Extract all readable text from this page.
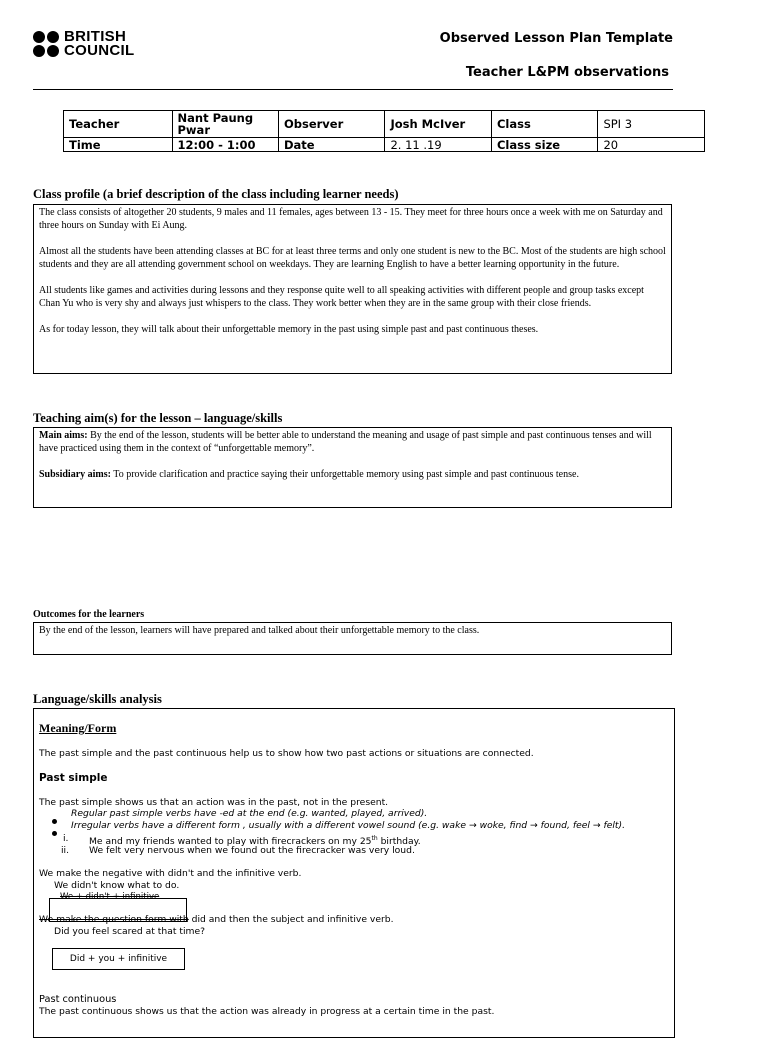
BRITISH
COUNCIL
Observed Lesson Plan Template
Teacher L&PM observations
Teacher	Nant Paung Pwar	Observer	Josh McIver	Class	SPI 3
Time	12:00 - 1:00	Date	2. 11 .19	Class size	20
Class profile (a brief description of the class including learner needs)

The class consists of altogether 20 students, 9 males and 11 females, ages between 13 - 15. They meet for three hours once a week with me on Saturday and three hours on Sunday with Ei Aung.

Almost all the students have been attending classes at BC for at least three terms and only one student is new to the BC. Most of the students are high school students and they are all attending government school on weekdays. They are learning English to have a better learning opportunity in the future.

All students like games and activities during lessons and they response quite well to all speaking activities with different people and group tasks except Chan Yu who is very shy and always just whispers to the class. They work better when they are in the same group with their close friends.

As for today lesson, they will talk about their unforgettable memory in the past using simple past and past continuous theses.

Teaching aim(s) for the lesson – language/skills

Main aims: By the end of the lesson, students will be better able to understand the meaning and usage of past simple and past continuous tenses and will have practiced using them in the context of “unforgettable memory”.

Subsidiary aims: To provide clarification and practice saying their unforgettable memory using past simple and past continuous tense.

Outcomes for the learners

By the end of the lesson, learners will have prepared and talked about their unforgettable memory to the class.

Language/skills analysis
Meaning/Form
The past simple and the past continuous help us to show how two past actions or situations are connected.
Past simple
The past simple shows us that an action was in the past, not in the present.
Regular past simple verbs have -ed at the end (e.g. wanted, played, arrived).
Irregular verbs have a different form , usually with a different vowel sound (e.g. wake → woke, find → found, feel → felt).
i. Me and my friends wanted to play with firecrackers on my 25th birthday.
ii. We felt very nervous when we found out the firecracker was very loud.
We make the negative with didn't and the infinitive verb.
We didn't know what to do.
We + didn't + infinitive
We make the question form with did and then the subject and infinitive verb.
Did you feel scared at that time?
Did + you + infinitive
Past continuous
The past continuous shows us that the action was already in progress at a certain time in the past.
